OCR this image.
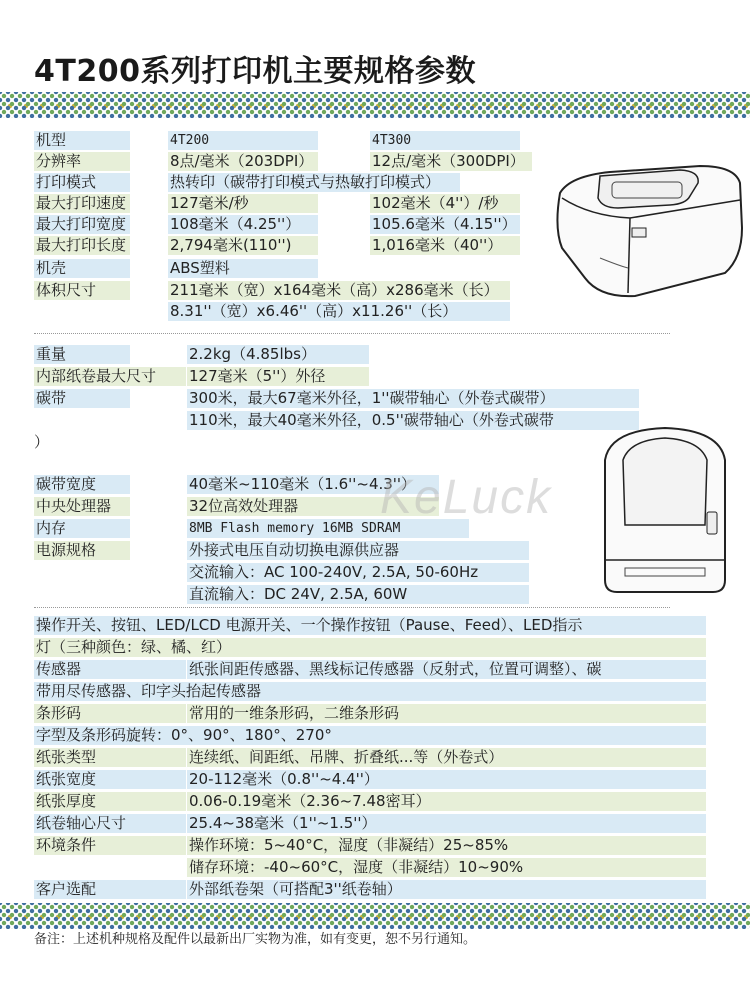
4T200系列打印机主要规格参数
机型	4T200	4T300
分辨率	8点/毫米（203DPI）	12点/毫米（300DPI）
打印模式	热转印（碳带打印模式与热敏打印模式）
最大打印速度	127毫米/秒	102毫米（4''）/秒
最大打印宽度	108毫米（4.25''）	105.6毫米（4.15''）
最大打印长度	2,794毫米(110'')	1,016毫米（40''）
机壳	ABS塑料
体积尺寸	211毫米（宽）x164毫米（高）x286毫米（长）
8.31''（宽）x6.46''（高）x11.26''（长）
重量	2.2kg（4.85lbs）
内部纸卷最大尺寸	127毫米（5''）外径
碳带	300米，最大67毫米外径，1''碳带轴心（外卷式碳带）
110米，最大40毫米外径，0.5''碳带轴心（外卷式碳带
）
碳带宽度	40毫米~110毫米（1.6''~4.3''）
中央处理器	32位高效处理器
内存	8MB Flash memory 16MB SDRAM
电源规格	外接式电压自动切换电源供应器
交流输入：AC 100-240V, 2.5A, 50-60Hz
直流输入：DC 24V, 2.5A, 60W
操作开关、按钮、LED/LCD 电源开关、一个操作按钮（Pause、Feed）、LED指示
灯（三种颜色：绿、橘、红）
传感器	纸张间距传感器、黑线标记传感器（反射式，位置可调整）、碳
带用尽传感器、印字头抬起传感器
条形码	常用的一维条形码，二维条形码
字型及条形码旋转：0°、90°、180°、270°
纸张类型	连续纸、间距纸、吊牌、折叠纸...等（外卷式）
纸张宽度	20-112毫米（0.8''~4.4''）
纸张厚度	0.06-0.19毫米（2.36~7.48密耳）
纸卷轴心尺寸	25.4~38毫米（1''~1.5''）
环境条件	操作环境：5~40°C，湿度（非凝结）25~85%
储存环境：-40~60°C，湿度（非凝结）10~90%
客户选配	外部纸卷架（可搭配3''纸卷轴）
备注：上述机种规格及配件以最新出厂实物为准，如有变更，恕不另行通知。
KeLuck
